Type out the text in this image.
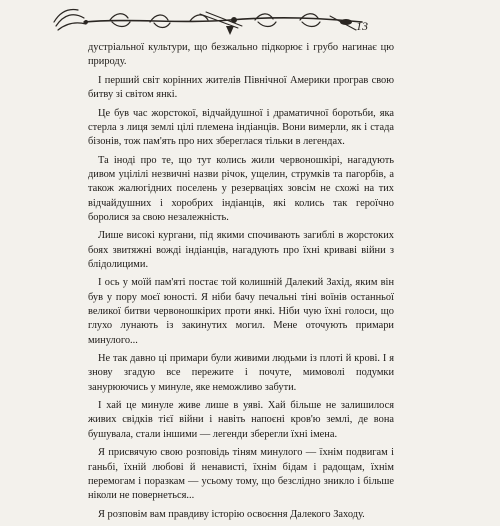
13

дустріальної культури, що безжально підкорює і грубо нагинає цю природу.

І перший світ корінних жителів Північної Америки програв свою битву зі світом янкі.

Це був час жорстокої, відчайдушної і драматичної боротьби, яка стерла з лиця землі цілі племена індіанців. Вони вимерли, як і стада бізонів, тож пам'ять про них збереглася тільки в легендах.

Та іноді про те, що тут колись жили червоношкірі, нагадують дивом уцілілі незвичні назви річок, ущелин, струмків та пагорбів, а також жалюгідних поселень у резерваціях зовсім не схожі на тих відчайдушних і хоробрих індіанців, які колись так героїчно боролися за свою незалежність.

Лише високі кургани, під якими спочивають загиблі в жорстоких боях звитяжні вожді індіанців, нагадують про їхні криваві війни з блідолицими.

І ось у моїй пам'яті постає той колишній Далекий Захід, яким він був у пору моєї юності. Я ніби бачу печальні тіні воїнів останньої великої битви червоношкірих проти янкі. Ніби чую їхні голоси, що глухо лунають із закинутих могил. Мене оточують примари минулого...

Не так давно ці примари були живими людьми із плоті й крові. І я знову згадую все пережите і почуте, мимоволі подумки занурюючись у минуле, яке неможливо забути.

І хай це минуле живе лише в уяві. Хай більше не залишилося живих свідків тієї війни і навіть напоєні кров'ю землі, де вона бушувала, стали іншими — легенди зберегли їхні імена.

Я присвячую свою розповідь тіням минулого — їхнім подвигам і ганьбі, їхній любові й ненависті, їхнім бідам і радощам, їхнім перемогам і поразкам — усьому тому, що безслідно зникло і більше ніколи не повернеться...

Я розповім вам правдиву історію освоєння Далекого Заходу.
